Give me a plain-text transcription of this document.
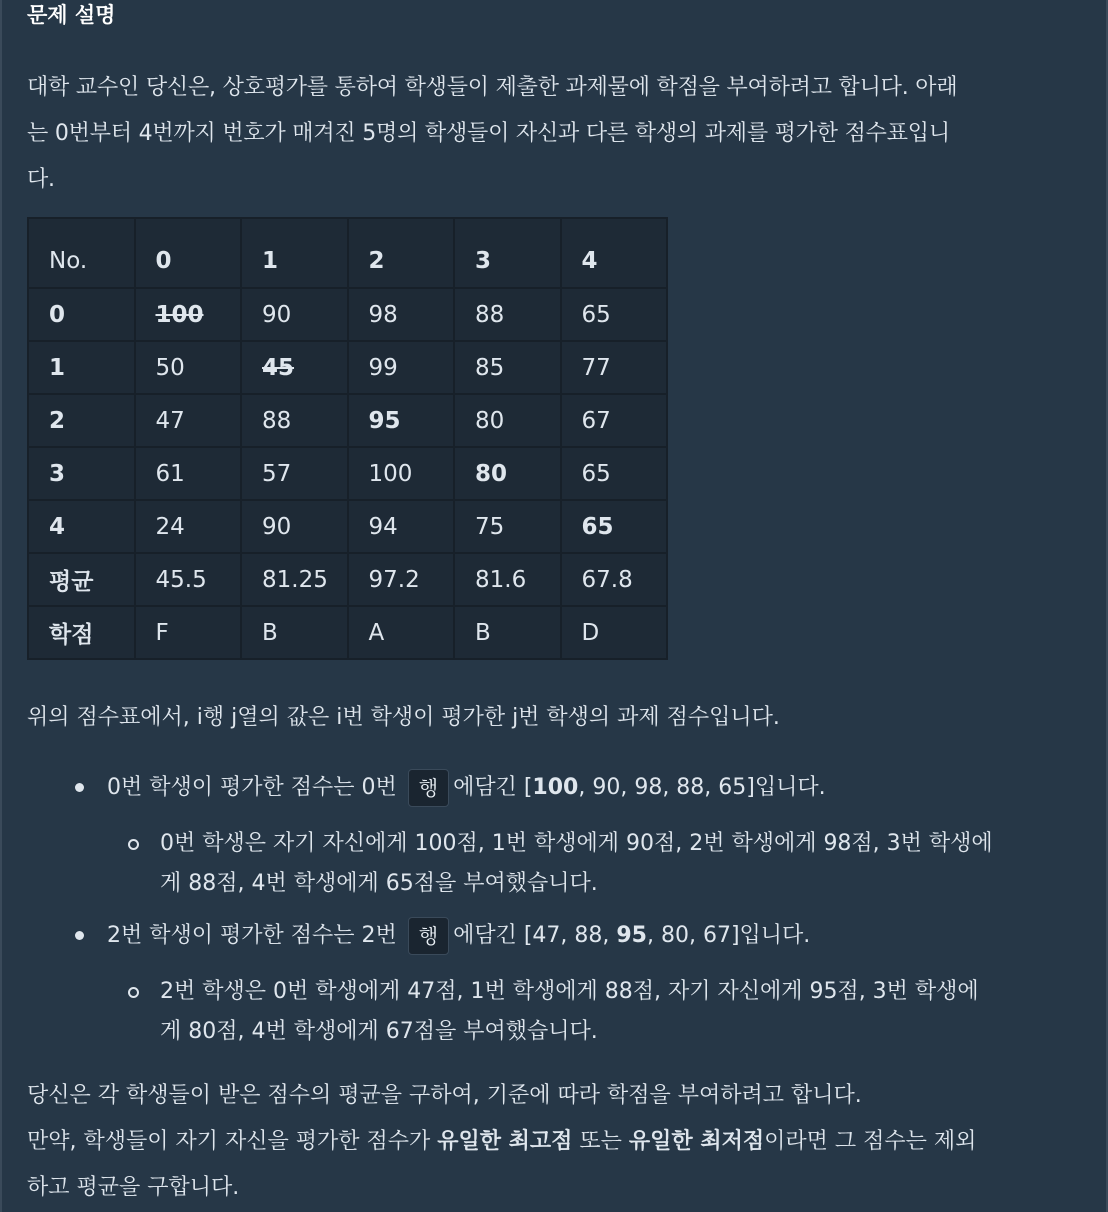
문제 설명
대학 교수인 당신은, 상호평가를 통하여 학생들이 제출한 과제물에 학점을 부여하려고 합니다. 아래
는 0번부터 4번까지 번호가 매겨진 5명의 학생들이 자신과 다른 학생의 과제를 평가한 점수표입니
다.
No.	0	1	2	3	4
0	100	90	98	88	65
1	50	45	99	85	77
2	47	88	95	80	67
3	61	57	100	80	65
4	24	90	94	75	65
평균	45.5	81.25	97.2	81.6	67.8
학점	F	B	A	B	D
위의 점수표에서, i행 j열의 값은 i번 학생이 평가한 j번 학생의 과제 점수입니다.
0번 학생이 평가한 점수는 0번 행 에담긴 [100, 90, 98, 88, 65]입니다.
0번 학생은 자기 자신에게 100점, 1번 학생에게 90점, 2번 학생에게 98점, 3번 학생에
게 88점, 4번 학생에게 65점을 부여했습니다.
2번 학생이 평가한 점수는 2번 행 에담긴 [47, 88, 95, 80, 67]입니다.
2번 학생은 0번 학생에게 47점, 1번 학생에게 88점, 자기 자신에게 95점, 3번 학생에
게 80점, 4번 학생에게 67점을 부여했습니다.
당신은 각 학생들이 받은 점수의 평균을 구하여, 기준에 따라 학점을 부여하려고 합니다.
만약, 학생들이 자기 자신을 평가한 점수가 유일한 최고점 또는 유일한 최저점이라면 그 점수는 제외
하고 평균을 구합니다.
